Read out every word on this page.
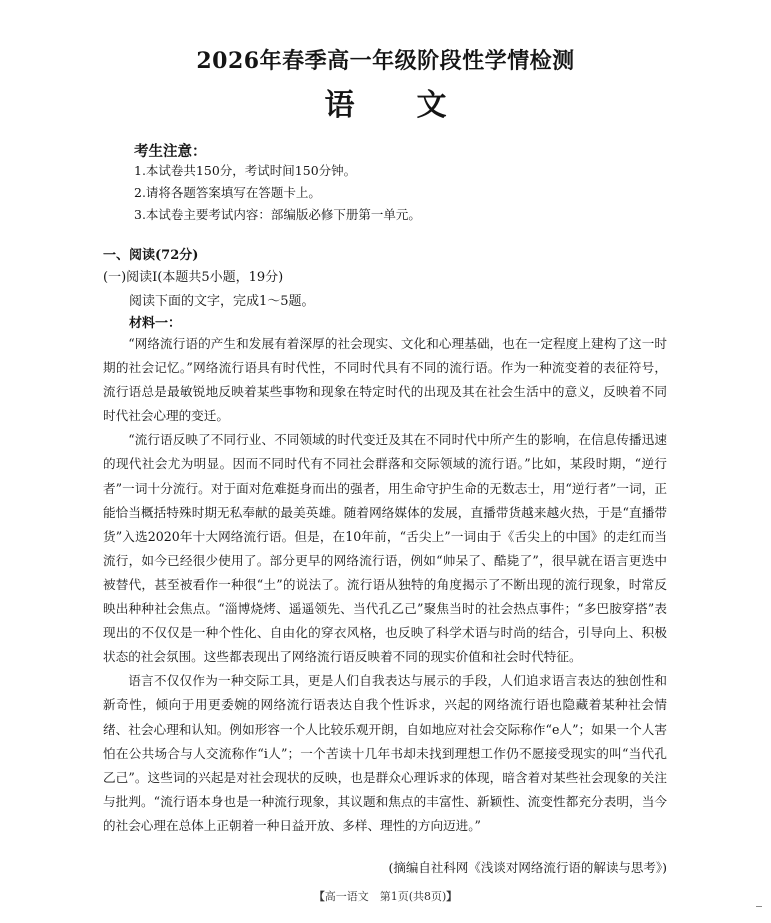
2026年春季高一年级阶段性学情检测
语文
考生注意：
1.本试卷共150分，考试时间150分钟。
2.请将各题答案填写在答题卡上。
3.本试卷主要考试内容：部编版必修下册第一单元。
一、阅读(72分)
(一)阅读Ⅰ(本题共5小题，19分)
阅读下面的文字，完成1～5题。
材料一：

“网络流行语的产生和发展有着深厚的社会现实、文化和心理基础，也在一定程度上建构了这一时期的社会记忆。”网络流行语具有时代性，不同时代具有不同的流行语。作为一种流变着的表征符号，流行语总是最敏锐地反映着某些事物和现象在特定时代的出现及其在社会生活中的意义，反映着不同时代社会心理的变迁。

“流行语反映了不同行业、不同领域的时代变迁及其在不同时代中所产生的影响，在信息传播迅速的现代社会尤为明显。因而不同时代有不同社会群落和交际领域的流行语。”比如，某段时期，“逆行者”一词十分流行。对于面对危难挺身而出的强者，用生命守护生命的无数志士，用“逆行者”一词，正能恰当概括特殊时期无私奉献的最美英雄。随着网络媒体的发展，直播带货越来越火热，于是“直播带货”入选2020年十大网络流行语。但是，在10年前，“舌尖上”一词由于《舌尖上的中国》的走红而当流行，如今已经很少使用了。部分更早的网络流行语，例如“帅呆了、酷毙了”，很早就在语言更迭中被替代，甚至被看作一种很“土”的说法了。流行语从独特的角度揭示了不断出现的流行现象，时常反映出种种社会焦点。“淄博烧烤、遥遥领先、当代孔乙己”聚焦当时的社会热点事件；“多巴胺穿搭”表现出的不仅仅是一种个性化、自由化的穿衣风格，也反映了科学术语与时尚的结合，引导向上、积极状态的社会氛围。这些都表现出了网络流行语反映着不同的现实价值和社会时代特征。

语言不仅仅作为一种交际工具，更是人们自我表达与展示的手段，人们追求语言表达的独创性和新奇性，倾向于用更委婉的网络流行语表达自我个性诉求，兴起的网络流行语也隐藏着某种社会情绪、社会心理和认知。例如形容一个人比较乐观开朗，自如地应对社会交际称作“e人”；如果一个人害怕在公共场合与人交流称作“i人”；一个苦读十几年书却未找到理想工作仍不愿接受现实的叫“当代孔乙己”。这些词的兴起是对社会现状的反映，也是群众心理诉求的体现，暗含着对某些社会现象的关注与批判。“流行语本身也是一种流行现象，其议题和焦点的丰富性、新颖性、流变性都充分表明，当今的社会心理在总体上正朝着一种日益开放、多样、理性的方向迈进。”

(摘编自社科网《浅谈对网络流行语的解读与思考》)
【高一语文　第1页(共8页)】
